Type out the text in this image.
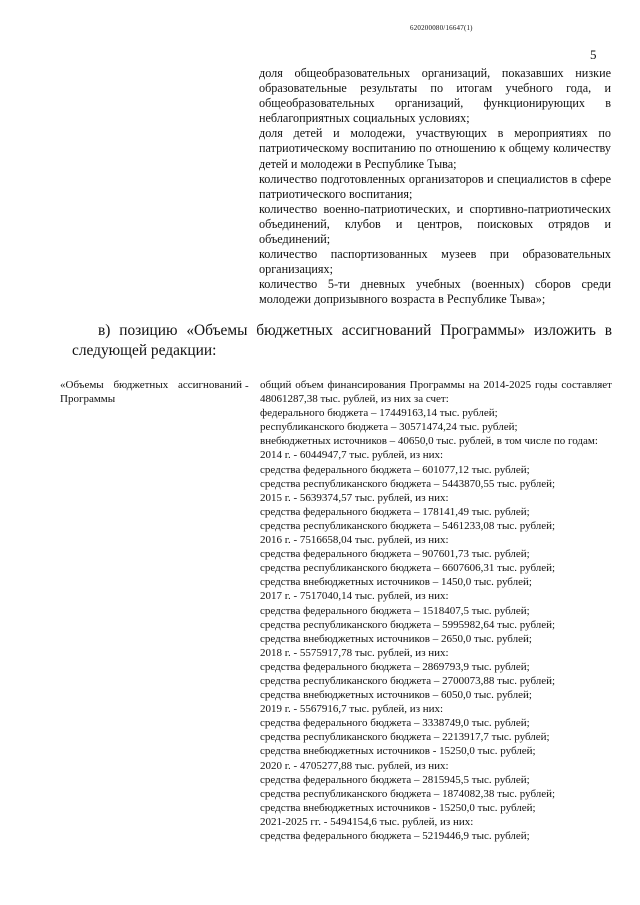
620200080/16647(1)
5

доля общеобразовательных организаций, показавших низкие образовательные результаты по итогам учебного года, и общеобразовательных организаций, функционирующих в неблагоприятных социальных условиях;

доля детей и молодежи, участвующих в мероприятиях по патриотическому воспитанию по отношению к общему количеству детей и молодежи в Республике Тыва;

количество подготовленных организаторов и специалистов в сфере патриотического воспитания;

количество военно-патриотических, и спортивно-патриотических объединений, клубов и центров, поисковых отрядов и объединений;

количество паспортизованных музеев при образовательных организациях;

количество 5-ти дневных учебных (военных) сборов среди молодежи допризывного возраста в Республике Тыва»;

в) позицию «Объемы бюджетных ассигнований Программы» изложить в следующей редакции:
«Объемы бюджетных ассигнований Программы
- общий объем финансирования Программы на 2014-2025 годы составляет 48061287,38 тыс. рублей, из них за счет:

федерального бюджета – 17449163,14 тыс. рублей;

республиканского бюджета – 30571474,24 тыс. рублей;

внебюджетных источников – 40650,0 тыс. рублей, в том числе по годам:

2014 г. - 6044947,7 тыс. рублей, из них:

средства федерального бюджета – 601077,12 тыс. рублей;

средства республиканского бюджета – 5443870,55 тыс. рублей;

2015 г. - 5639374,57 тыс. рублей, из них:

средства федерального бюджета – 178141,49 тыс. рублей;

средства республиканского бюджета – 5461233,08 тыс. рублей;

2016 г. - 7516658,04 тыс. рублей, из них:

средства федерального бюджета – 907601,73 тыс. рублей;

средства республиканского бюджета – 6607606,31 тыс. рублей;

средства внебюджетных источников – 1450,0 тыс. рублей;

2017 г. - 7517040,14 тыс. рублей, из них:

средства федерального бюджета – 1518407,5 тыс. рублей;

средства республиканского бюджета – 5995982,64 тыс. рублей;

средства внебюджетных источников – 2650,0 тыс. рублей;

2018 г. - 5575917,78 тыс. рублей, из них:

средства федерального бюджета – 2869793,9 тыс. рублей;

средства республиканского бюджета – 2700073,88 тыс. рублей;

средства внебюджетных источников – 6050,0 тыс. рублей;

2019 г. - 5567916,7 тыс. рублей, из них:

средства федерального бюджета – 3338749,0 тыс. рублей;

средства республиканского бюджета – 2213917,7 тыс. рублей;

средства внебюджетных источников - 15250,0 тыс. рублей;

2020 г. - 4705277,88 тыс. рублей, из них:

средства федерального бюджета – 2815945,5 тыс. рублей;

средства республиканского бюджета – 1874082,38 тыс. рублей;

средства внебюджетных источников - 15250,0 тыс. рублей;

2021-2025 гг. - 5494154,6 тыс. рублей, из них:

средства федерального бюджета – 5219446,9 тыс. рублей;
